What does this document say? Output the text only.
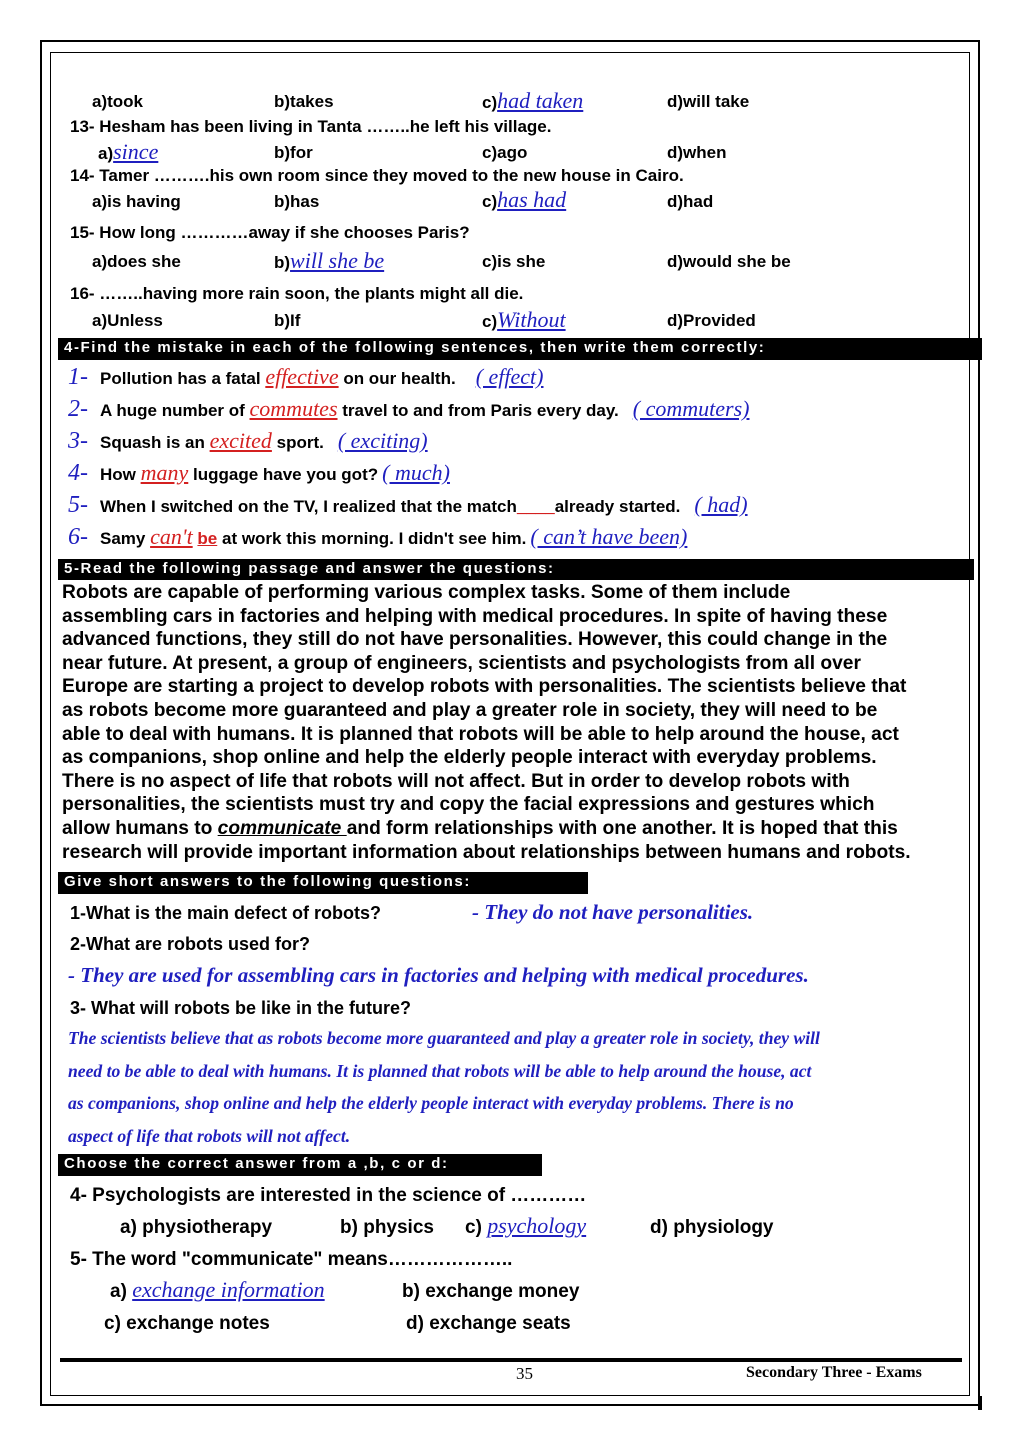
a)took	b)takes	c)had taken	d)will take
13- Hesham has been living in Tanta ……..he left his village.
a)since	b)for	c)ago	d)when
14- Tamer ……….his own room since they moved to the new house in Cairo.
a)is having	b)has	c)has had	d)had
15- How long …………away if she chooses Paris?
a)does she	b)will she be	c)is she	d)would she be
16- ……..having more rain soon, the plants might all die.
a)Unless	b)If	c)Without	d)Provided
4-Find the mistake in each of the following sentences, then write them correctly:
1- Pollution has a fatal effective on our health. ( effect)
2- A huge number of commutes travel to and from Paris every day. ( commuters)
3- Squash is an excited sport. ( exciting)
4- How many luggage have you got? ( much)
5- When I switched on the TV, I realized that the match____already started. ( had)
6- Samy can't be at work this morning. I didn't see him. ( can’t have been)
5-Read the following passage and answer the questions:

Robots are capable of performing various complex tasks. Some of them include

assembling cars in factories and helping with medical procedures. In spite of having these

advanced functions, they still do not have personalities. However, this could change in the

near future. At present, a group of engineers, scientists and psychologists from all over

Europe are starting a project to develop robots with personalities. The scientists believe that

as robots become more guaranteed and play a greater role in society, they will need to be

able to deal with humans. It is planned that robots will be able to help around the house, act

as companions, shop online and help the elderly people interact with everyday problems.

There is no aspect of life that robots will not affect. But in order to develop robots with

personalities, the scientists must try and copy the facial expressions and gestures which

allow humans to communicate and form relationships with one another. It is hoped that this

research will provide important information about relationships between humans and robots.

Give short answers to the following questions:
1-What is the main defect of robots?	- They do not have personalities.
2-What are robots used for?
- They are used for assembling cars in factories and helping with medical procedures.
3- What will robots be like in the future?

The scientists believe that as robots become more guaranteed and play a greater role in society, they will

need to be able to deal with humans. It is planned that robots will be able to help around the house, act

as companions, shop online and help the elderly people interact with everyday problems. There is no

aspect of life that robots will not affect.

Choose the correct answer from a ,b, c or d:
4- Psychologists are interested in the science of …………
a) physiotherapy	b) physics c) psychology	d) physiology
5- The word "communicate" means………………..
a) exchange information	b) exchange money
c) exchange notes	d) exchange seats
35	Secondary Three - Exams
